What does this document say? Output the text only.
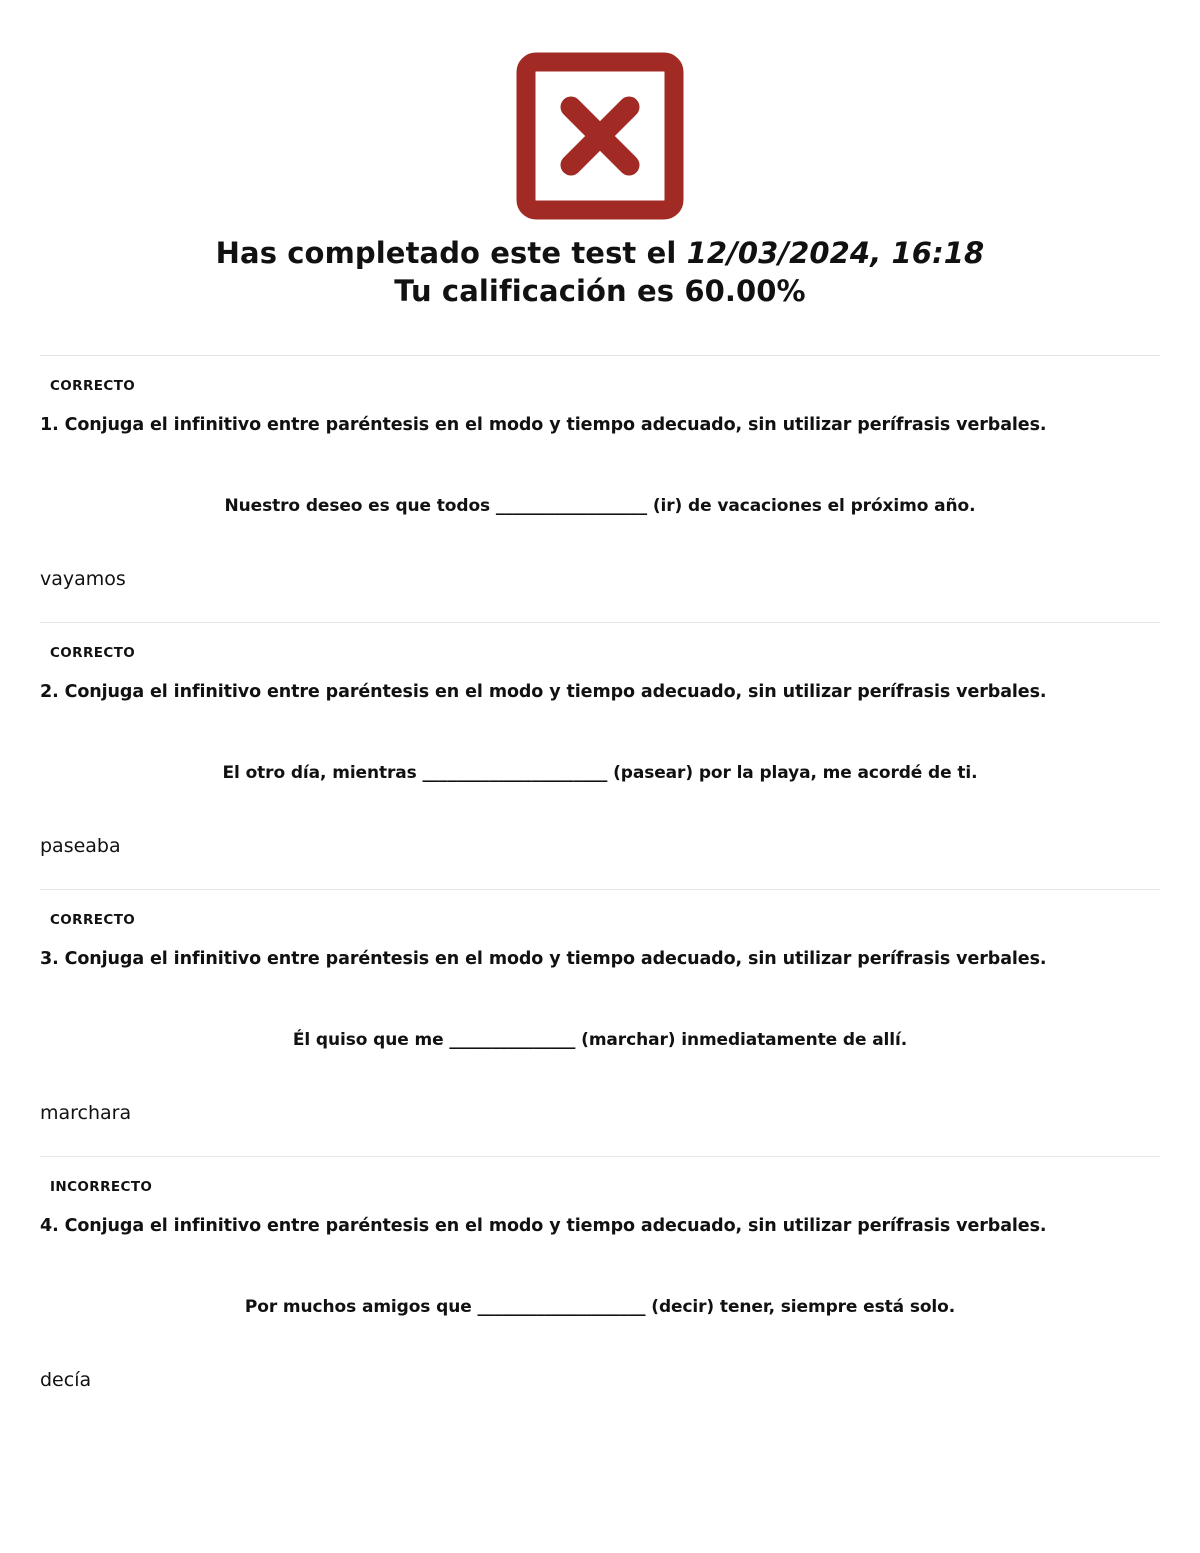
Has completado este test el 12/03/2024, 16:18
Tu calificación es 60.00%
CORRECTO
1. Conjuga el infinitivo entre paréntesis en el modo y tiempo adecuado, sin utilizar perífrasis verbales.
Nuestro deseo es que todos __________________ (ir) de vacaciones el próximo año.
vayamos
CORRECTO
2. Conjuga el infinitivo entre paréntesis en el modo y tiempo adecuado, sin utilizar perífrasis verbales.
El otro día, mientras ______________________ (pasear) por la playa, me acordé de ti.
paseaba
CORRECTO
3. Conjuga el infinitivo entre paréntesis en el modo y tiempo adecuado, sin utilizar perífrasis verbales.
Él quiso que me _______________ (marchar) inmediatamente de allí.
marchara
INCORRECTO
4. Conjuga el infinitivo entre paréntesis en el modo y tiempo adecuado, sin utilizar perífrasis verbales.
Por muchos amigos que ____________________ (decir) tener, siempre está solo.
decía
